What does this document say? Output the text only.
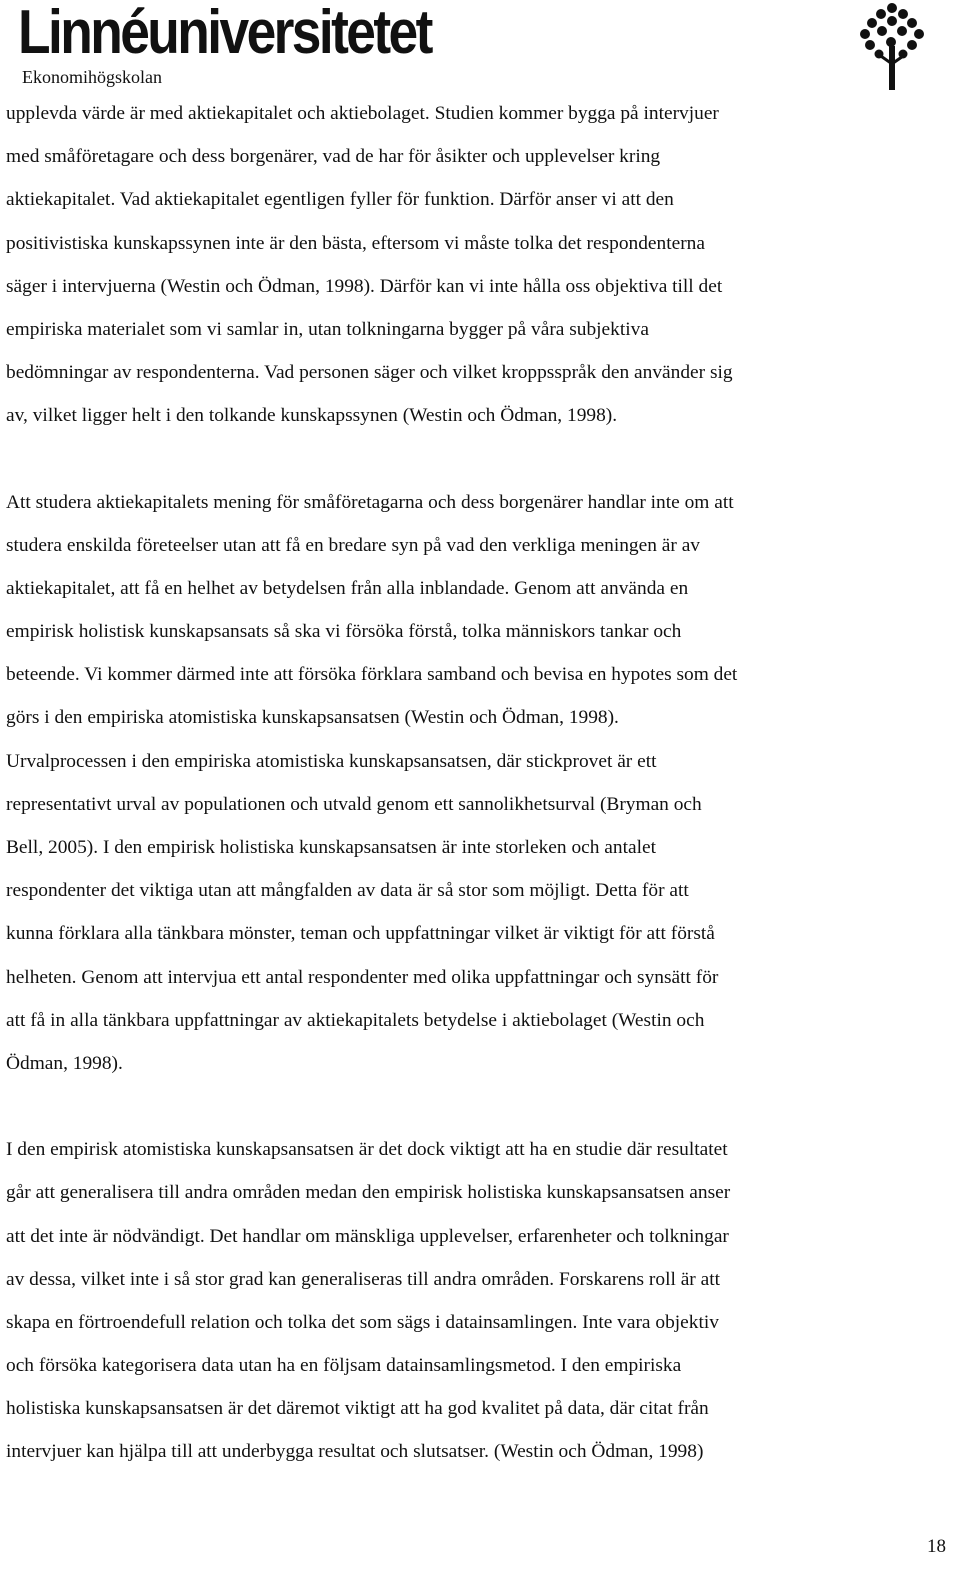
Linnéuniversitetet
Ekonomihögskolan

upplevda värde är med aktiekapitalet och aktiebolaget. Studien kommer bygga på intervjuer
med småföretagare och dess borgenärer, vad de har för åsikter och upplevelser kring
aktiekapitalet. Vad aktiekapitalet egentligen fyller för funktion. Därför anser vi att den
positivistiska kunskapssynen inte är den bästa, eftersom vi måste tolka det respondenterna
säger i intervjuerna (Westin och Ödman, 1998). Därför kan vi inte hålla oss objektiva till det
empiriska materialet som vi samlar in, utan tolkningarna bygger på våra subjektiva
bedömningar av respondenterna. Vad personen säger och vilket kroppsspråk den använder sig
av, vilket ligger helt i den tolkande kunskapssynen (Westin och Ödman, 1998).

Att studera aktiekapitalets mening för småföretagarna och dess borgenärer handlar inte om att
studera enskilda företeelser utan att få en bredare syn på vad den verkliga meningen är av
aktiekapitalet, att få en helhet av betydelsen från alla inblandade. Genom att använda en
empirisk holistisk kunskapsansats så ska vi försöka förstå, tolka människors tankar och
beteende. Vi kommer därmed inte att försöka förklara samband och bevisa en hypotes som det
görs i den empiriska atomistiska kunskapsansatsen (Westin och Ödman, 1998).
Urvalprocessen i den empiriska atomistiska kunskapsansatsen, där stickprovet är ett
representativt urval av populationen och utvald genom ett sannolikhetsurval (Bryman och
Bell, 2005). I den empirisk holistiska kunskapsansatsen är inte storleken och antalet
respondenter det viktiga utan att mångfalden av data är så stor som möjligt. Detta för att
kunna förklara alla tänkbara mönster, teman och uppfattningar vilket är viktigt för att förstå
helheten. Genom att intervjua ett antal respondenter med olika uppfattningar och synsätt för
att få in alla tänkbara uppfattningar av aktiekapitalets betydelse i aktiebolaget (Westin och
Ödman, 1998).

I den empirisk atomistiska kunskapsansatsen är det dock viktigt att ha en studie där resultatet
går att generalisera till andra områden medan den empirisk holistiska kunskapsansatsen anser
att det inte är nödvändigt. Det handlar om mänskliga upplevelser, erfarenheter och tolkningar
av dessa, vilket inte i så stor grad kan generaliseras till andra områden. Forskarens roll är att
skapa en förtroendefull relation och tolka det som sägs i datainsamlingen. Inte vara objektiv
och försöka kategorisera data utan ha en följsam datainsamlingsmetod. I den empiriska
holistiska kunskapsansatsen är det däremot viktigt att ha god kvalitet på data, där citat från
intervjuer kan hjälpa till att underbygga resultat och slutsatser. (Westin och Ödman, 1998)

18
